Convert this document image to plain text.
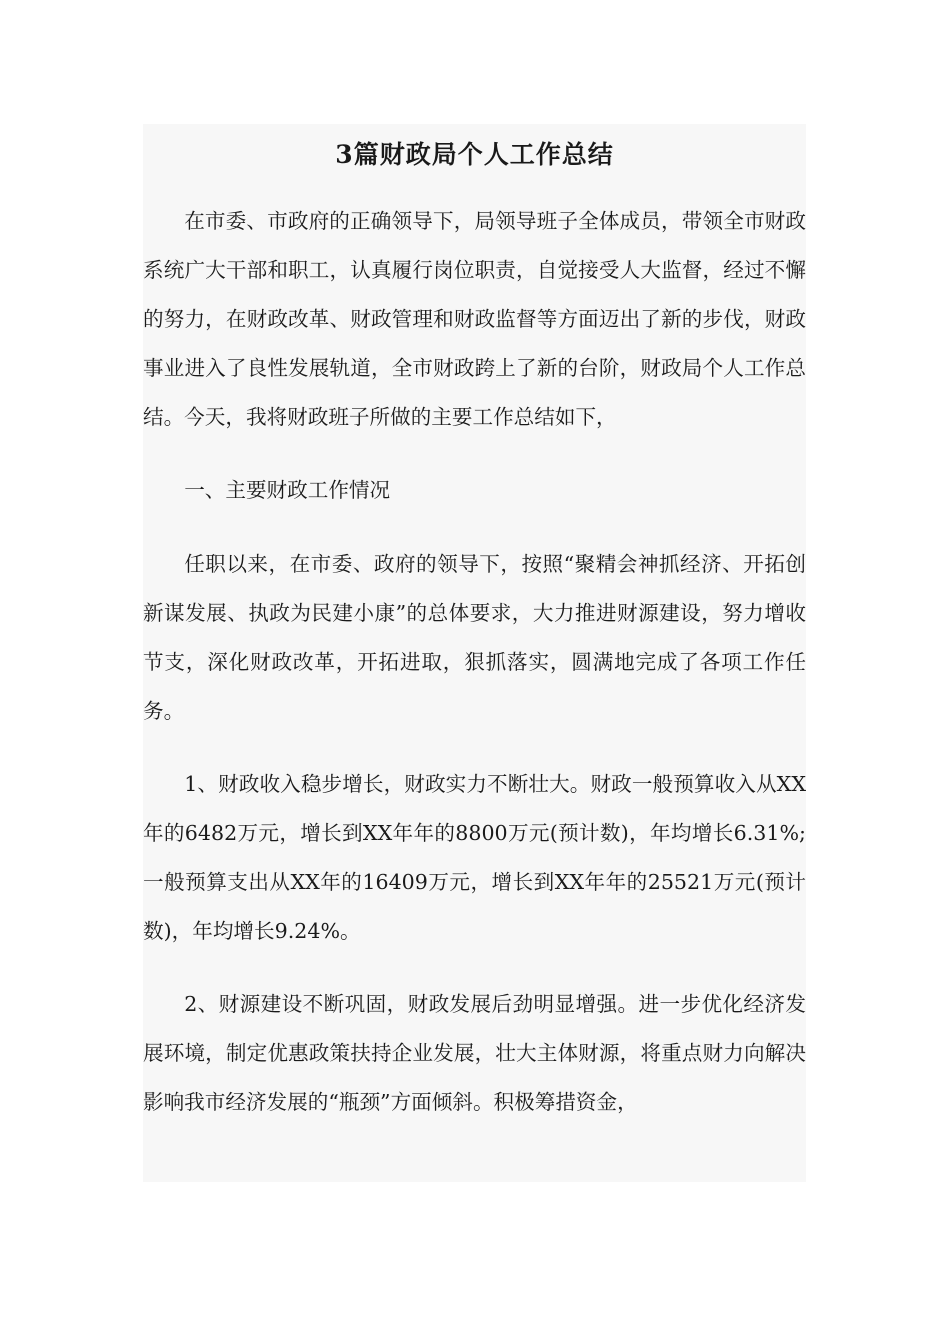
3篇财政局个人工作总结

在市委、市政府的正确领导下，局领导班子全体成员，带领全市财政系统广大干部和职工，认真履行岗位职责，自觉接受人大监督，经过不懈的努力，在财政改革、财政管理和财政监督等方面迈出了新的步伐，财政事业进入了良性发展轨道，全市财政跨上了新的台阶，财政局个人工作总结。今天，我将财政班子所做的主要工作总结如下，

一、主要财政工作情况

任职以来，在市委、政府的领导下，按照“聚精会神抓经济、开拓创新谋发展、执政为民建小康”的总体要求，大力推进财源建设，努力增收节支，深化财政改革，开拓进取，狠抓落实，圆满地完成了各项工作任务。

1、财政收入稳步增长，财政实力不断壮大。财政一般预算收入从XX年的6482万元，增长到XX年年的8800万元(预计数)，年均增长6.31%;一般预算支出从XX年的16409万元，增长到XX年年的25521万元(预计数)，年均增长9.24%。

2、财源建设不断巩固，财政发展后劲明显增强。进一步优化经济发展环境，制定优惠政策扶持企业发展，壮大主体财源，将重点财力向解决影响我市经济发展的“瓶颈”方面倾斜。积极筹措资金，
